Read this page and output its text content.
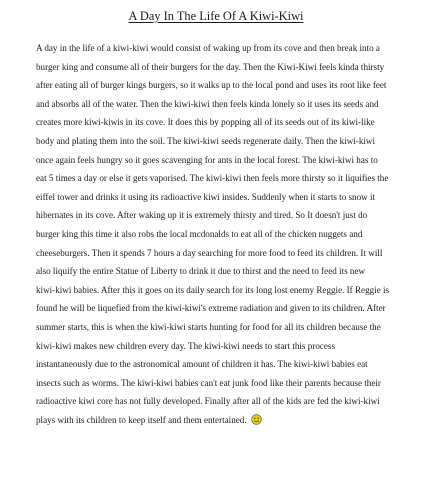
A Day In The Life Of A Kiwi-Kiwi
A day in the life of a kiwi-kiwi would consist of waking up from its cove and then break into a
burger king and consume all of their burgers for the day. Then the Kiwi-Kiwi feels kinda thirsty
after eating all of burger kings burgers, so it walks up to the local pond and uses its root like feet
and absorbs all of the water. Then the kiwi-kiwi then feels kinda lonely so it uses its seeds and
creates more kiwi-kiwis in its cove. It does this by popping all of its seeds out of its kiwi-like
body and plating them into the soil. The kiwi-kiwi seeds regenerate daily. Then the kiwi-kiwi
once again feels hungry so it goes scavenging for ants in the local forest. The kiwi-kiwi has to
eat 5 times a day or else it gets vaporised. The kiwi-kiwi then feels more thirsty so it liquifies the
eiffel tower and drinks it using its radioactive kiwi insides. Suddenly when it starts to snow it
hibernates in its cove. After waking up it is extremely thirsty and tired. So It doesn't just do
burger king this time it also robs the local mcdonalds to eat all of the chicken nuggets and
cheeseburgers. Then it spends 7 hours a day searching for more food to feed its children. It will
also liquify the entire Statue of Liberty to drink it due to thirst and the need to feed its new
kiwi-kiwi babies. After this it goes on its daily search for its long lost enemy Reggie. If Reggie is
found he will be liquefied from the kiwi-kiwi's extreme radiation and given to its children. After
summer starts, this is when the kiwi-kiwi starts hunting for food for all its children because the
kiwi-kiwi makes new children every day. The kiwi-kiwi needs to start this process
instantaneously due to the astronomical amount of children it has. The kiwi-kiwi babies eat
insects such as worms. The kiwi-kiwi babies can't eat junk food like their parents because their
radioactive kiwi core has not fully developed. Finally after all of the kids are fed the kiwi-kiwi
plays with its children to keep itself and them entertained.
